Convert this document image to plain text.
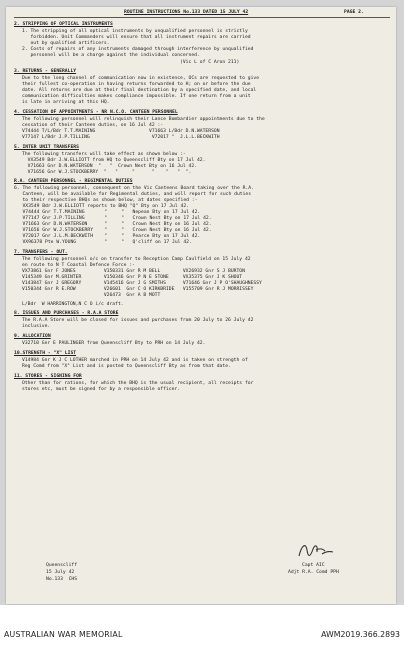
ROUTINE INSTRUCTIONS No.133 DATED 15 JULY 42	PAGE 2.
2. STRIPPING OF OPTICAL INSTRUMENTS
1. The stripping of all optical instruments by unqualified personnel is strictly
forbidden. Unit Commanders will ensure that all instrument repairs are carried
out by qualified artificers.
2. Costs of repairs of any instruments damaged through interference by unqualified
personnel will be a charge against the individual concerned.
(Vic L of C Aron 211)
3. RETURNS - GENERALLY
Due to the long channel of communication now in existence, OCs are requested to give
their fullest co-operation in having returns forwarded to H; on or before the due
date. All returns are due at their final destination by a specified date, and local
communication difficulties makes compliance impossible. If one return from a unit
is late in arriving at this HQ.
4. CESSATION OF APPOINTMENTS - NR N.C.O. CANTEEN PERSONNEL
The following personnel will relinquish their Lance Bombardier appointments due to the
cessation of their Canteen duties, on 16 Jul 42 :-
V74444 T/L/Bdr T.T.MAINING                   V71663 L/Bdr D.N.WATERSON
V77147 L/Bdr J.P.TILLING                      V72017 "  J.L.L.BECKWITH
5. INTER UNIT TRANSFERS
The following transfers will take effect as shown below :-
VX3549 Bdr J.W.ELLIOTT from HQ to Queenscliff Bty on 17 Jul 42.
V71663 Gnr D.N.WATERSON  "   "  Crown Nest Bty on 16 Jul 42.
V71656 Gnr W.J.STOCKBERRY  "   "     "      "    "   "  ".
R.A. CANTEEN PERSONNEL - REGIMENTAL DUTIES
6. The following personnel, consequent on the Vic Canteens Board taking over the R.A.
Canteen, will be available for Regimental duties, and will report for such duties
to their respective BHQs as shown below, at dates specified :-
VX3549 Bdr J.W.ELLIOTT reports to BHQ "Q" Bty on 17 Jul 42.
V74444 Gnr T.T.MAINING       "     "   Nepean Bty on 17 Jul 42.
V77147 Gnr J.P.TILLING       "     "   Crown Nest Bty on 17 Jul 42.
V71663 Gnr D.N.WATERSON      "     "   Crown Nest Bty on 16 Jul 42.
V71656 Gnr W.J.STOCKBERRY    "     "   Crown Nest Bty on 16 Jul 42.
V72017 Gnr J.L.M.BECKWITH    "     "   Pearce Bty on 17 Jul 42.
VX96378 Pte W.YOUNG          "     "   Q'cliff on 17 Jul 42.
7. TRANSFERS - OUT.
The following personnel o/c on transfer to Reception Camp Caulfield on 15 July 42
en route to N T Coastal Defence Force :-
VX73861 Gnr F JONES          V150331 Gnr R M BELL        VX26932 Gnr S J BURTON
V145349 Gnr M.GRINTER        V150346 Gnr P N E STONE     VX35375 Gnr J K SHOUT
V143847 Gnr J GREGORY        V145416 Gnr J G SMITHS      V71646 Gnr J P O'SHAUGHNESSY
V150344 Gnr R E.ROW          V26601  Gnr C O KIRKBRIDE   V155709 Gnr R J MORRISSEY
V26473  Gnr A B MOTT
L/Bdr  W HARRINGTON,N C O i/c draft.
8. ISSUES AND PURCHASES - R.A.A STORE
The R.A.A Store will be closed for issues and purchases from 20 July to 26 July 42
inclusive.
9. ALLOCATION
V32710 Gnr E PAULINGER from Queenscliff Bty to PRH on 14 July 42.
10.STRENGTH - "X" LIST
V14984 Gnr K J C LOTHER marched in PRH on 14 July 42 and is taken on strength of
Reg Comd from "X" List and is posted to Queenscliff Bty as from that date.
11. STORES - SIGNING FOR
Other than for rations, for which the BHQ is the usual recipient, all receipts for
stores etc, must be signed for by a responsible officer.
Capt AIC
Adjt R.A. Comd PPH
Queenscliff
15 July 42
No.133  CHS
AUSTRALIAN WAR MEMORIAL	AWM2019.366.2893
